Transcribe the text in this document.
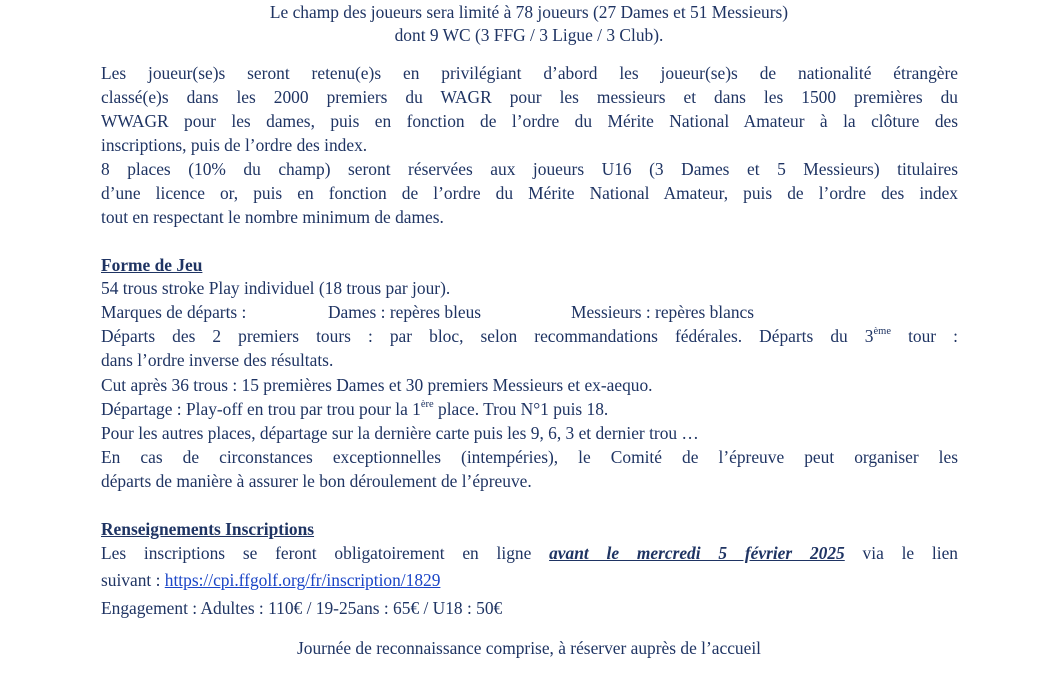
Le champ des joueurs sera limité à 78 joueurs (27 Dames et 51 Messieurs)
dont 9 WC (3 FFG / 3 Ligue / 3 Club).
Les joueur(se)s seront retenu(e)s en privilégiant d’abord les joueur(se)s de nationalité étrangère
classé(e)s dans les 2000 premiers du WAGR pour les messieurs et dans les 1500 premières du
WWAGR pour les dames, puis en fonction de l’ordre du Mérite National Amateur à la clôture des
inscriptions, puis de l’ordre des index.
8 places (10% du champ) seront réservées aux joueurs U16 (3 Dames et 5 Messieurs) titulaires
d’une licence or, puis en fonction de l’ordre du Mérite National Amateur, puis de l’ordre des index
tout en respectant le nombre minimum de dames.
Forme de Jeu
54 trous stroke Play individuel (18 trous par jour).
Marques de départs :	Dames : repères bleus	Messieurs : repères blancs
Départs des 2 premiers tours : par bloc, selon recommandations fédérales. Départs du 3ème tour :
dans l’ordre inverse des résultats.
Cut après 36 trous : 15 premières Dames et 30 premiers Messieurs et ex-aequo.
Départage : Play-off en trou par trou pour la 1ère place. Trou N°1 puis 18.
Pour les autres places, départage sur la dernière carte puis les 9, 6, 3 et dernier trou …
En cas de circonstances exceptionnelles (intempéries), le Comité de l’épreuve peut organiser les
départs de manière à assurer le bon déroulement de l’épreuve.
Renseignements Inscriptions
Les inscriptions se feront obligatoirement en ligne avant le mercredi 5 février 2025 via le lien
suivant : https://cpi.ffgolf.org/fr/inscription/1829
Engagement : Adultes : 110€ / 19-25ans : 65€ / U18 : 50€
Journée de reconnaissance comprise, à réserver auprès de l’accueil
